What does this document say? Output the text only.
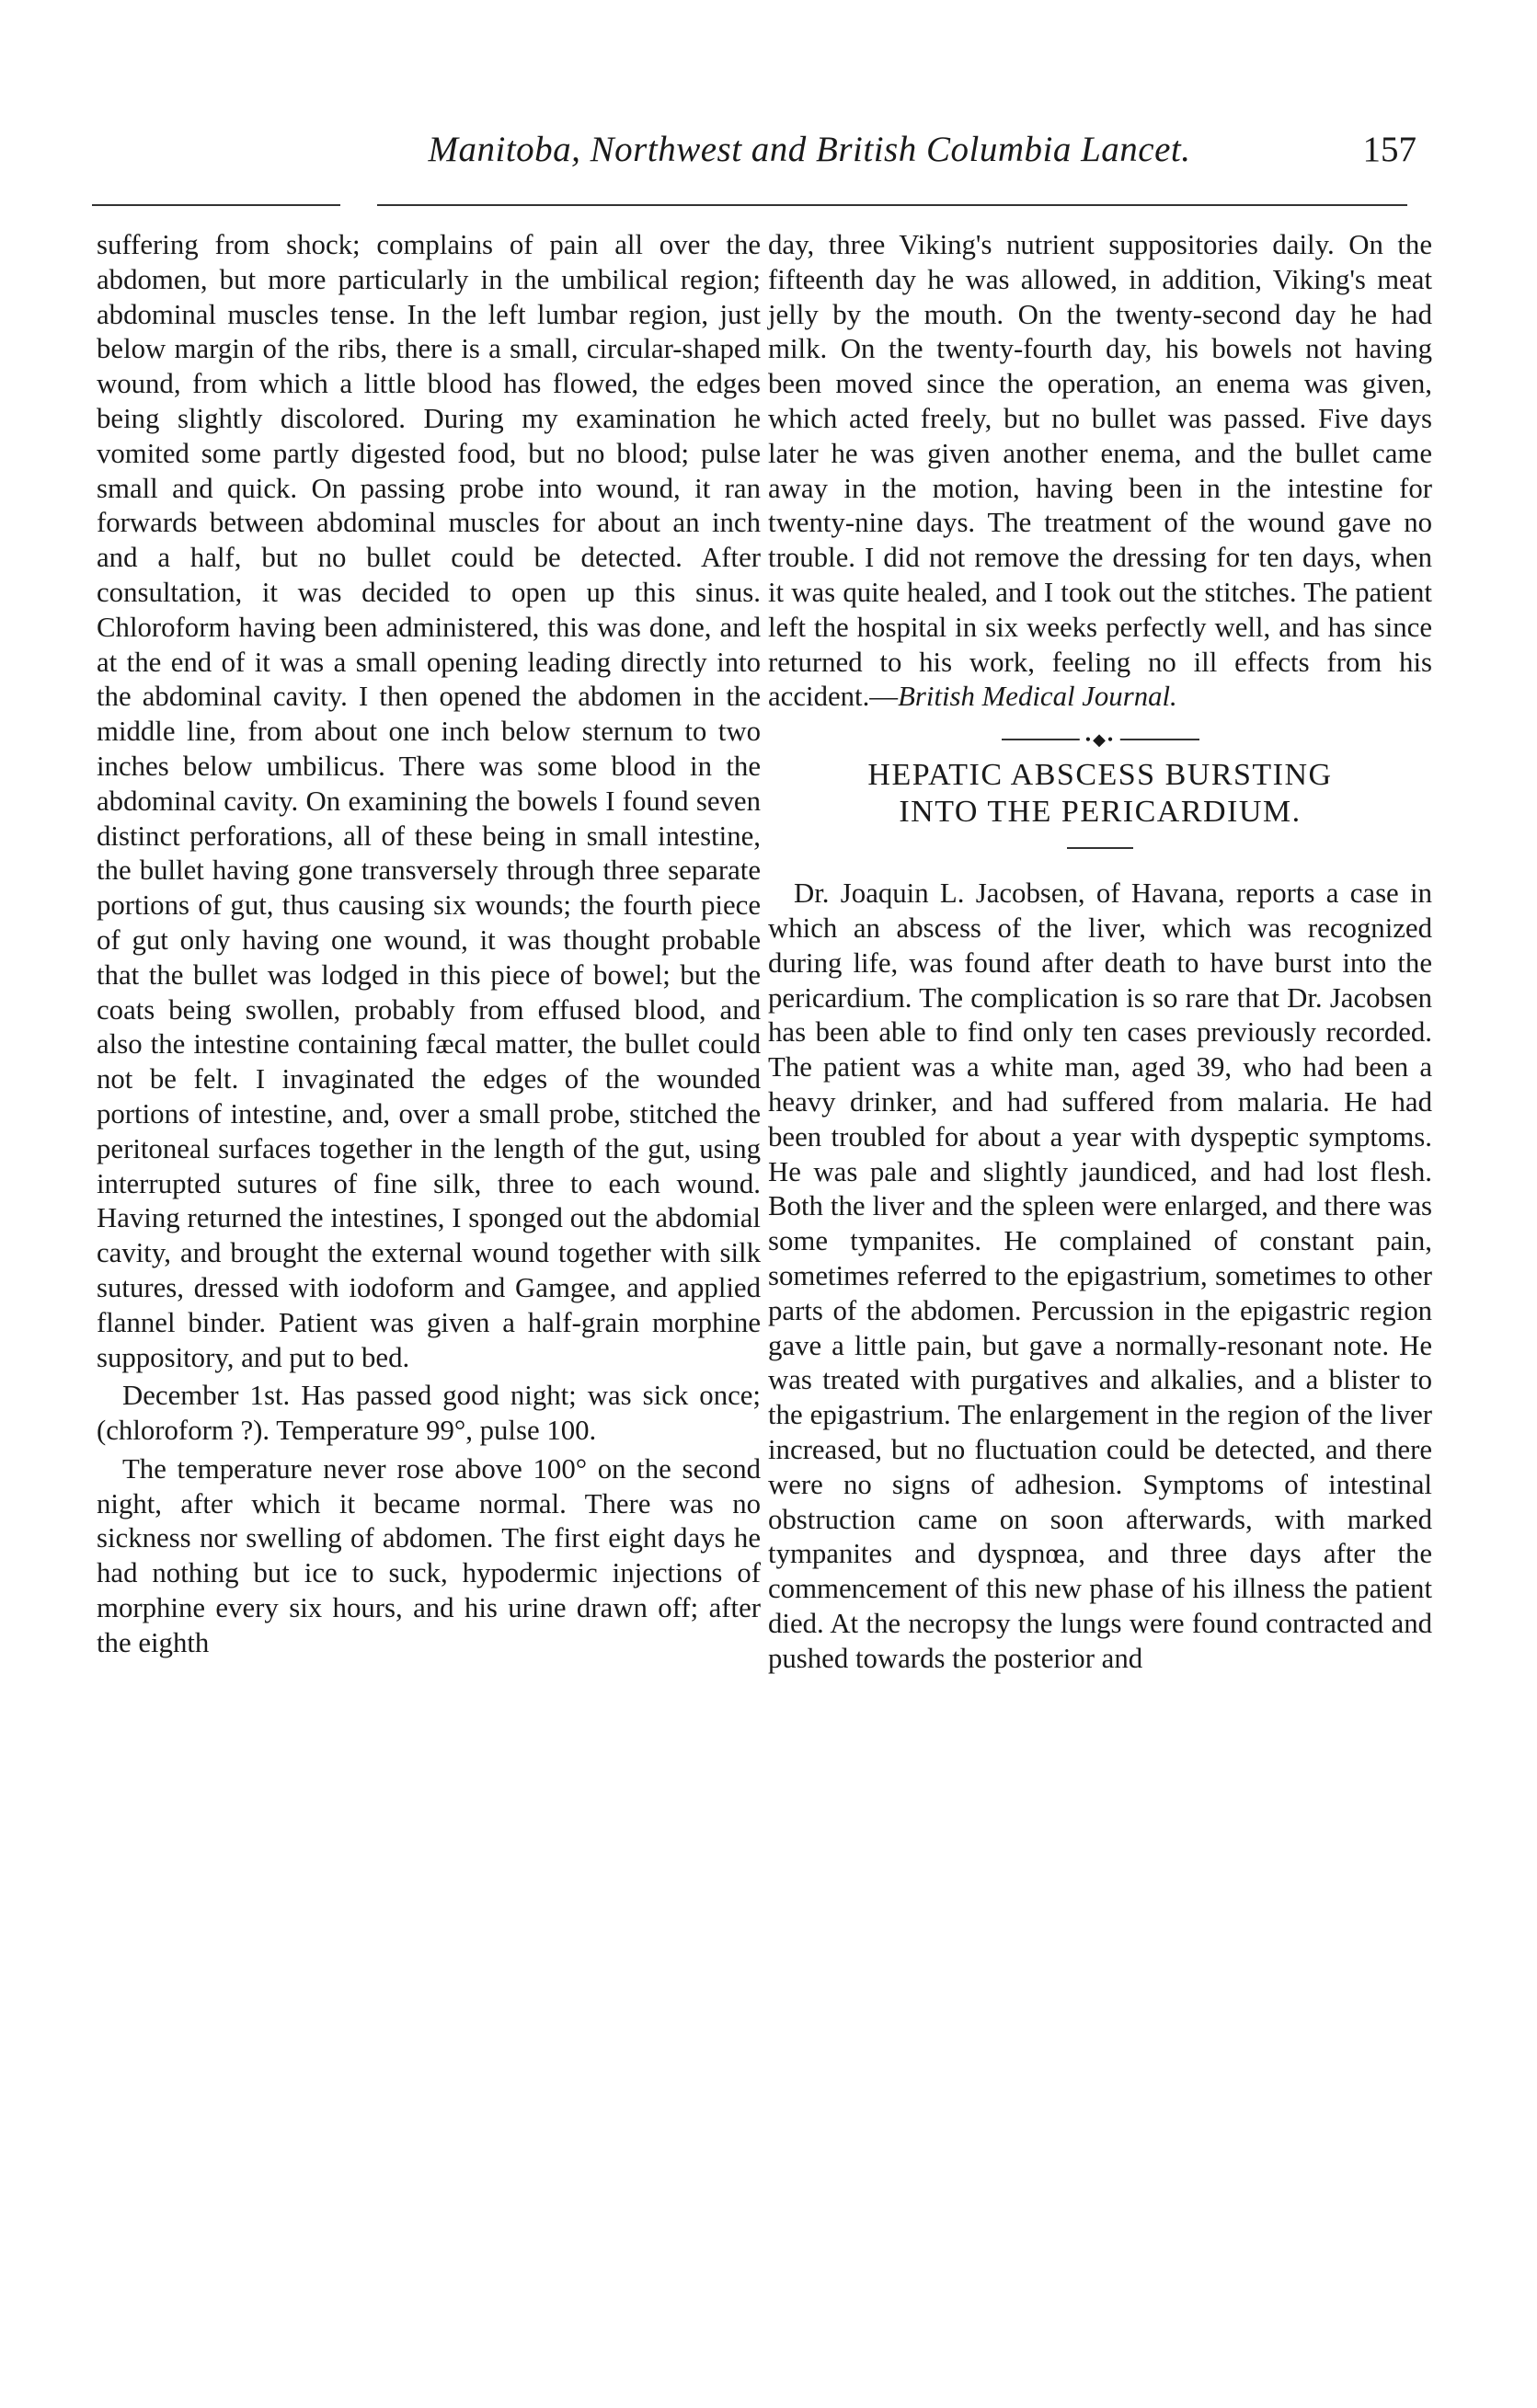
Manitoba, Northwest and British Columbia Lancet.	157

suffering from shock; complains of pain all over the abdomen, but more particularly in the umbilical region; abdominal muscles tense. In the left lumbar region, just below margin of the ribs, there is a small, circular-shaped wound, from which a little blood has flowed, the edges being slightly discolored. During my examination he vomited some partly digested food, but no blood; pulse small and quick. On passing probe into wound, it ran forwards between abdominal muscles for about an inch and a half, but no bullet could be detected. After consultation, it was decided to open up this sinus. Chloroform having been administered, this was done, and at the end of it was a small opening leading directly into the abdominal cavity. I then opened the abdomen in the middle line, from about one inch below sternum to two inches below umbilicus. There was some blood in the abdominal cavity. On examining the bowels I found seven distinct perforations, all of these being in small intestine, the bullet having gone transversely through three separate portions of gut, thus causing six wounds; the fourth piece of gut only having one wound, it was thought probable that the bullet was lodged in this piece of bowel; but the coats being swollen, probably from effused blood, and also the intestine containing fæcal matter, the bullet could not be felt. I invaginated the edges of the wounded portions of intestine, and, over a small probe, stitched the peritoneal surfaces together in the length of the gut, using interrupted sutures of fine silk, three to each wound. Having returned the intestines, I sponged out the abdomial cavity, and brought the external wound together with silk sutures, dressed with iodoform and Gamgee, and applied flannel binder. Patient was given a half-grain morphine suppository, and put to bed.

December 1st. Has passed good night; was sick once; (chloroform ?). Temperature 99°, pulse 100.

The temperature never rose above 100° on the second night, after which it became normal. There was no sickness nor swelling of abdomen. The first eight days he had nothing but ice to suck, hypodermic injections of morphine every six hours, and his urine drawn off; after the eighth

day, three Viking's nutrient suppositories daily. On the fifteenth day he was allowed, in addition, Viking's meat jelly by the mouth. On the twenty-second day he had milk. On the twenty-fourth day, his bowels not having been moved since the operation, an enema was given, which acted freely, but no bullet was passed. Five days later he was given another enema, and the bullet came away in the motion, having been in the intestine for twenty-nine days. The treatment of the wound gave no trouble. I did not remove the dressing for ten days, when it was quite healed, and I took out the stitches. The patient left the hospital in six weeks perfectly well, and has since returned to his work, feeling no ill effects from his accident.—British Medical Journal.

•◆•
HEPATIC ABSCESS BURSTING
INTO THE PERICARDIUM.

Dr. Joaquin L. Jacobsen, of Havana, reports a case in which an abscess of the liver, which was recognized during life, was found after death to have burst into the pericardium. The complication is so rare that Dr. Jacobsen has been able to find only ten cases previously recorded. The patient was a white man, aged 39, who had been a heavy drinker, and had suffered from malaria. He had been troubled for about a year with dyspeptic symptoms. He was pale and slightly jaundiced, and had lost flesh. Both the liver and the spleen were enlarged, and there was some tympanites. He complained of constant pain, sometimes referred to the epigastrium, sometimes to other parts of the abdomen. Percussion in the epigastric region gave a little pain, but gave a normally-resonant note. He was treated with purgatives and alkalies, and a blister to the epigastrium. The enlargement in the region of the liver increased, but no fluctuation could be detected, and there were no signs of adhesion. Symptoms of intestinal obstruction came on soon afterwards, with marked tympanites and dyspnœa, and three days after the commencement of this new phase of his illness the patient died. At the necropsy the lungs were found contracted and pushed towards the posterior and
